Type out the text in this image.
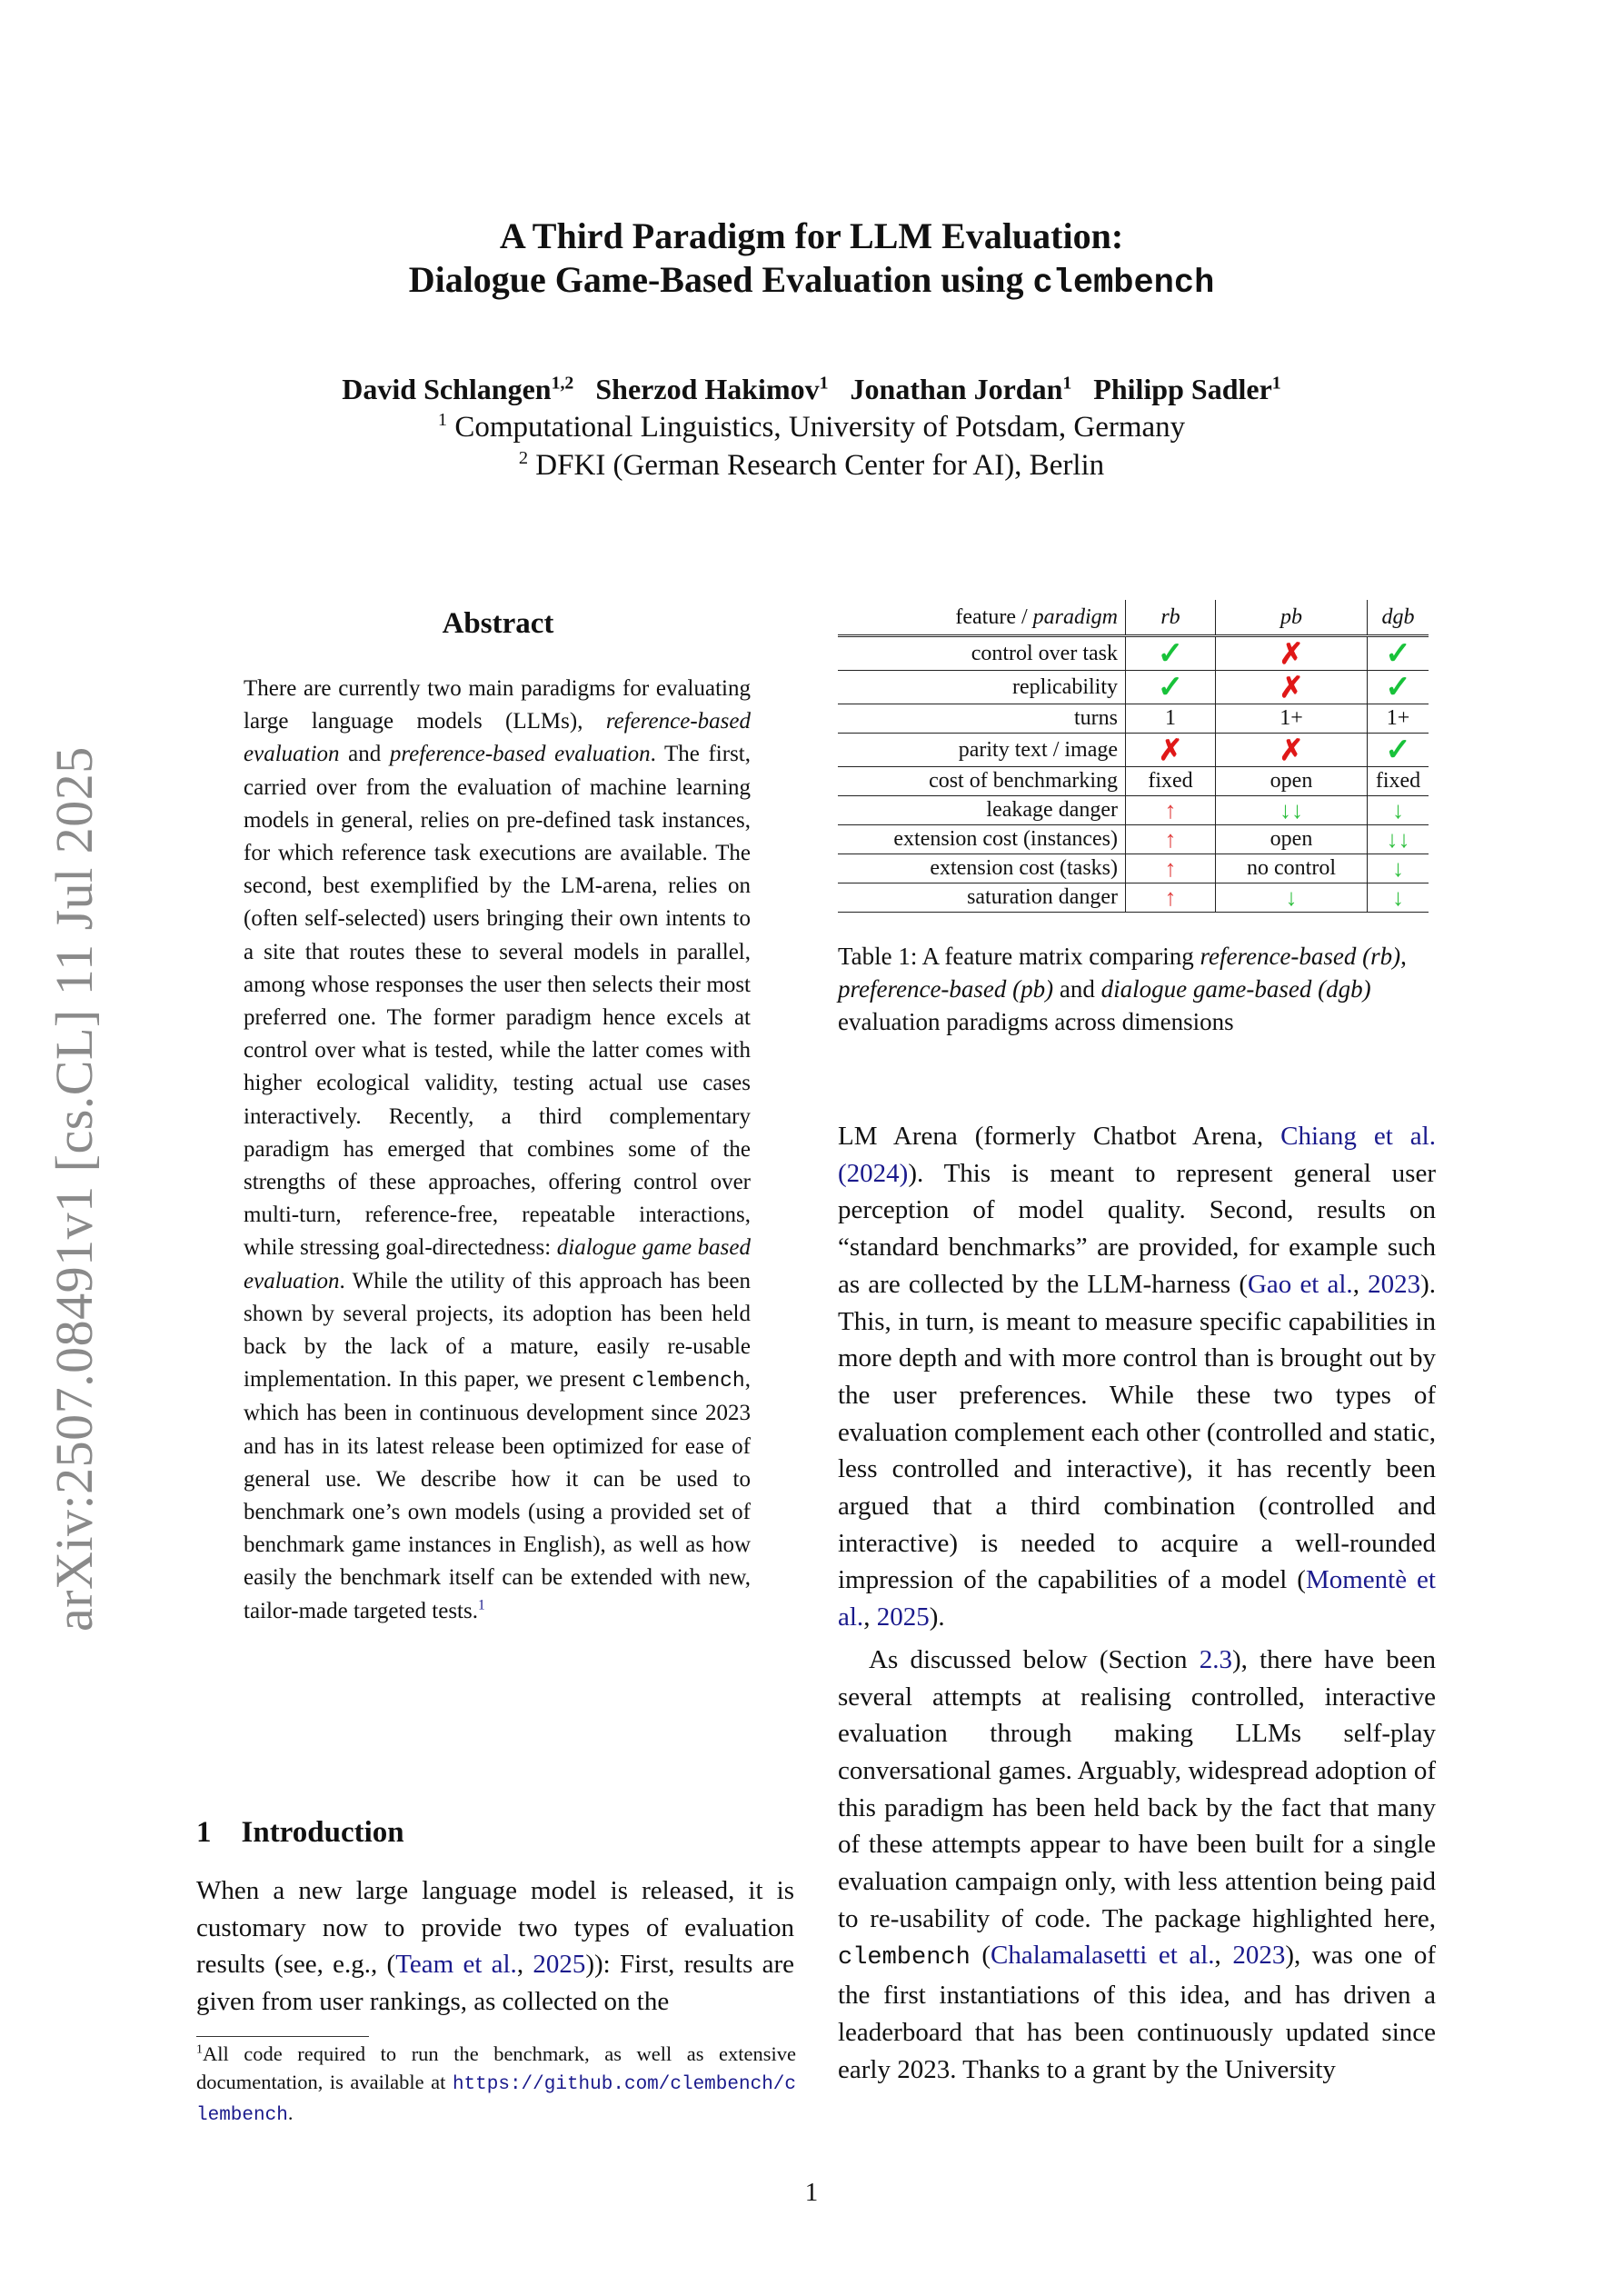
A Third Paradigm for LLM Evaluation:
Dialogue Game-Based Evaluation using clembench
David Schlangen$^{1,2}$ Sherzod Hakimov$^1$ Jonathan Jordan$^1$ Philipp Sadler$^1$
$^1$ Computational Linguistics, University of Potsdam, Germany
$^2$ DFKI (German Research Center for AI), Berlin
arXiv:2507.08491v1 [cs.CL] 11 Jul 2025
Abstract
There are currently two main paradigms for evaluating large language models (LLMs), reference-based evaluation and preference-based evaluation. The first, carried over from the evaluation of machine learning models in general, relies on pre-defined task instances, for which reference task executions are available. The second, best exemplified by the LM-arena, relies on (often self-selected) users bringing their own intents to a site that routes these to several models in parallel, among whose responses the user then selects their most preferred one. The former paradigm hence excels at control over what is tested, while the latter comes with higher ecological validity, testing actual use cases interactively. Recently, a third complementary paradigm has emerged that combines some of the strengths of these approaches, offering control over multi-turn, reference-free, repeatable interactions, while stressing goal-directedness: dialogue game based evaluation. While the utility of this approach has been shown by several projects, its adoption has been held back by the lack of a mature, easily re-usable implementation. In this paper, we present clembench, which has been in continuous development since 2023 and has in its latest release been optimized for ease of general use. We describe how it can be used to benchmark one’s own models (using a provided set of benchmark game instances in English), as well as how easily the benchmark itself can be extended with new, tailor-made targeted tests.$^1$
1 Introduction
When a new large language model is released, it is customary now to provide two types of evaluation results (see, e.g., (Team et al., 2025)): First, results are given from user rankings, as collected on the
$^1$All code required to run the benchmark, as well as extensive documentation, is available at https://github.com/clembench/clembench.
feature / paradigm	rb	pb	dgb
control over task	✓	✗	✓
replicability	✓	✗	✓
turns	1	1+	1+
parity text / image	✗	✗	✓
cost of benchmarking	fixed	open	fixed
leakage danger	↑	↓↓	↓
extension cost (instances)	↑	open	↓↓
extension cost (tasks)	↑	no control	↓
saturation danger	↑	↓	↓
Table 1: A feature matrix comparing reference-based (rb), preference-based (pb) and dialogue game-based (dgb) evaluation paradigms across dimensions

LM Arena (formerly Chatbot Arena, Chiang et al. (2024)). This is meant to represent general user perception of model quality. Second, results on “standard benchmarks” are provided, for example such as are collected by the LLM-harness (Gao et al., 2023). This, in turn, is meant to measure specific capabilities in more depth and with more control than is brought out by the user preferences. While these two types of evaluation complement each other (controlled and static, less controlled and interactive), it has recently been argued that a third combination (controlled and interactive) is needed to acquire a well-rounded impression of the capabilities of a model (Momentè et al., 2025).

As discussed below (Section 2.3), there have been several attempts at realising controlled, interactive evaluation through making LLMs self-play conversational games. Arguably, widespread adoption of this paradigm has been held back by the fact that many of these attempts appear to have been built for a single evaluation campaign only, with less attention being paid to re-usability of code. The package highlighted here, clembench (Chalamalasetti et al., 2023), was one of the first instantiations of this idea, and has driven a leaderboard that has been continuously updated since early 2023. Thanks to a grant by the University

1
